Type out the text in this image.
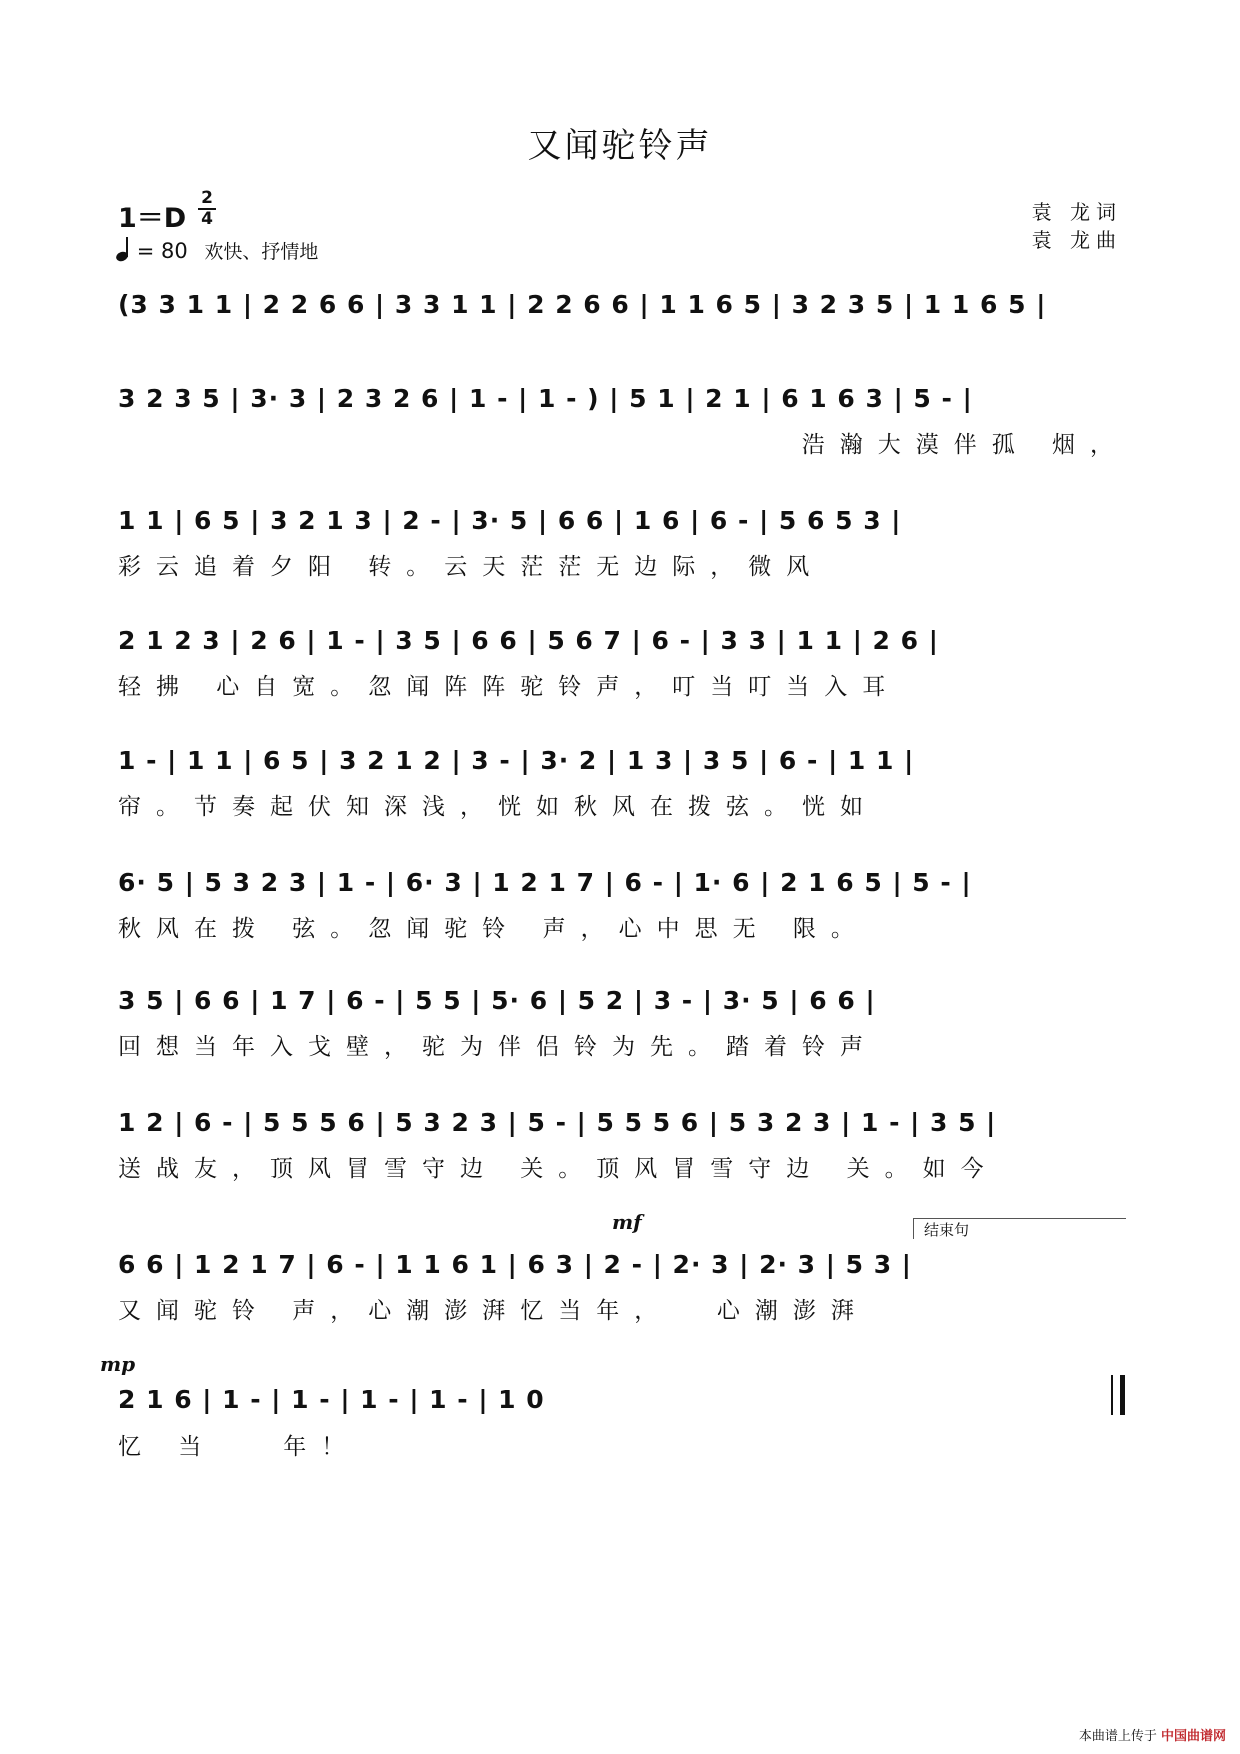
又闻驼铃声
1＝D
2
4
= 80 欢快、抒情地
袁 龙词
袁 龙曲
(3 3 1 1 | 2 2 6 6 | 3 3 1 1 | 2 2 6 6 | 1 1 6 5 | 3 2 3 5 | 1 1 6 5 |
3 2 3 5 | 3· 3 | 2 3 2 6 | 1 - | 1 - ) | 5 1 | 2 1 | 6 1 6 3 | 5 - |
浩瀚大漠伴孤 烟，
1 1 | 6 5 | 3 2 1 3 | 2 - | 3· 5 | 6 6 | 1 6 | 6 - | 5 6 5 3 |
彩云追着夕阳 转。云天茫茫无边际，微风
2 1 2 3 | 2 6 | 1 - | 3 5 | 6 6 | 5 6 7 | 6 - | 3 3 | 1 1 | 2 6 |
轻拂 心自宽。忽闻阵阵驼铃声，叮当叮当入耳
1 - | 1 1 | 6 5 | 3 2 1 2 | 3 - | 3· 2 | 1 3 | 3 5 | 6 - | 1 1 |
帘。节奏起伏知深浅，恍如秋风在拨弦。恍如
6· 5 | 5 3 2 3 | 1 - | 6· 3 | 1 2 1 7 | 6 - | 1· 6 | 2 1 6 5 | 5 - |
秋风在拨 弦。忽闻驼铃 声，心中思无 限。
3 5 | 6 6 | 1 7 | 6 - | 5 5 | 5· 6 | 5 2 | 3 - | 3· 5 | 6 6 |
回想当年入戈壁，驼为伴侣铃为先。踏着铃声
1 2 | 6 - | 5 5 5 6 | 5 3 2 3 | 5 - | 5 5 5 6 | 5 3 2 3 | 1 - | 3 5 |
送战友，顶风冒雪守边 关。顶风冒雪守边 关。如今
mf	结束句
6 6 | 1 2 1 7 | 6 - | 1 1 6 1 | 6 3 | 2 - | 2· 3 | 2· 3 | 5 3 |
又闻驼铃 声，心潮澎湃忆当年，  心潮澎湃
mp
2 1 6 | 1 - | 1 - | 1 - | 1 - | 1 0
忆 当   年！
本曲谱上传于 中国曲谱网
